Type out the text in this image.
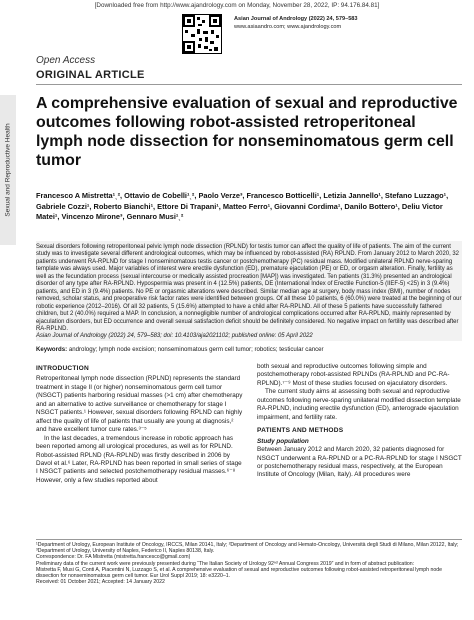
[Downloaded free from http://www.ajandrology.com on Monday, November 28, 2022, IP: 94.176.84.81]
Asian Journal of Andrology (2022) 24, 579–583
www.asiaandro.com; www.ajandrology.com
Open Access
ORIGINAL ARTICLE
Sexual and Reproductive Health
A comprehensive evaluation of sexual and reproductive outcomes following robot-assisted retroperitoneal lymph node dissection for nonseminomatous germ cell tumor
Francesco A Mistretta¹ˎ², Ottavio de Cobelli¹ˎ², Paolo Verze³, Francesco Botticelli¹, Letizia Jannello¹, Stefano Luzzago¹, Gabriele Cozzi¹, Roberto Bianchi¹, Ettore Di Trapani¹, Matteo Ferro¹, Giovanni Cordima¹, Danilo Bottero¹, Deliu Victor Matei¹, Vincenzo Mirone³, Gennaro Musi¹ˎ²
Sexual disorders following retroperitoneal pelvic lymph node dissection (RPLND) for testis tumor can affect the quality of life of patients. The aim of the current study was to investigate several different andrological outcomes, which may be influenced by robot-assisted (RA) RPLND. From January 2012 to March 2020, 32 patients underwent RA-RPLND for stage I nonseminomatous testis cancer or postchemotherapy (PC) residual mass. Modified unilateral RPLND nerve-sparing template was always used. Major variables of interest were erectile dysfunction (ED), premature ejaculation (PE) or ED, or orgasm alteration. Finally, fertility as well as the fecundation process (sexual intercourse or medically assisted procreation [MAP]) was investigated. Ten patients (31.3%) presented an andrological disorder of any type after RA-RPLND. Hypospermia was present in 4 (12.5%) patients, DE (International Index of Erectile Function-5 (IIEF-5) <25) in 3 (9.4%) patients, and ED in 3 (9.4%) patients. No PE or orgasmic alterations were described. Similar median age at surgery, body mass index (BMI), number of nodes removed, scholar status, and preoperative risk factor rates were identified between groups. Of all these 10 patients, 6 (60.0%) were treated at the beginning of our robotic experience (2012–2016). Of all 32 patients, 5 (15.6%) attempted to have a child after RA-RPLND. All of these 5 patients have successfully fathered children, but 2 (40.0%) required a MAP. In conclusion, a nonnegligible number of andrological complications occurred after RA-RPLND, mainly represented by ejaculation disorders, but ED occurrence and overall sexual satisfaction deficit should be definitely considered. No negative impact on fertility was described after RA-RPLND.
Asian Journal of Andrology (2022) 24, 579–583; doi: 10.4103/aja2021102; published online: 05 April 2022
Keywords: andrology; lymph node excision; nonseminomatous germ cell tumor; robotics; testicular cancer
INTRODUCTION

Retroperitoneal lymph node dissection (RPLND) represents the standard treatment in stage II (or higher) nonseminomatous germ cell tumor (NSGCT) patients harboring residual masses (>1 cm) after chemotherapy and an alternative to active surveillance or chemotherapy for stage I NSGCT patients.¹ However, sexual disorders following RPLND can highly affect the quality of life of patients that usually are young at diagnosis,² and have excellent tumor cure rates.³⁻⁵

In the last decades, a tremendous increase in robotic approach has been reported among all urological procedures, as well as for RPLND. Robot-assisted RPLND (RA-RPLND) was firstly described in 2006 by Davol et al.⁶ Later, RA-RPLND has been reported in small series of stage I NSGCT patients and selected postchemotherapy residual masses.⁶⁻⁸ However, only a few studies reported about

both sexual and reproductive outcomes following simple and postchemotherapy robot-assisted RPLNDs (RA-RPLND and PC-RA-RPLND).⁷⁻⁹ Most of these studies focused on ejaculatory disorders.

The current study aims at assessing both sexual and reproductive outcomes following nerve-sparing unilateral modified dissection template RA-RPLND, including erectile dysfunction (ED), anterograde ejaculation impairment, and fertility rate.

PATIENTS AND METHODS
Study population

Between January 2012 and March 2020, 32 patients diagnosed for NSGCT underwent a RA-RPLND or a PC-RA-RPLND for stage I NSGCT or postchemotherapy residual mass, respectively, at the European Institute of Oncology (Milan, Italy). All procedures were

¹Department of Urology, European Institute of Oncology, IRCCS, Milan 20141, Italy; ²Department of Oncology and Hemato-Oncology, Università degli Studi di Milano, Milan 20122, Italy; ³Department of Urology, University of Naples, Federico II, Naples 80138, Italy.

Correspondence: Dr. FA Mistretta (mistretta.francesco@gmail.com)

Preliminary data of the current work were previously presented during “The Italian Society of Urology 92ⁿᵈ Annual Congress 2019” and in form of abstract publication:

Mistretta F, Musi G, Conti A, Piacentini N, Luzzago S, et al. A comprehensive evaluation of sexual and reproductive outcomes following robot-assisted retroperitoneal lymph node dissection for nonseminomatous germ cell tumor. Eur Urol Suppl 2019; 18: e3220–1.

Received: 01 October 2021; Accepted: 14 January 2022
